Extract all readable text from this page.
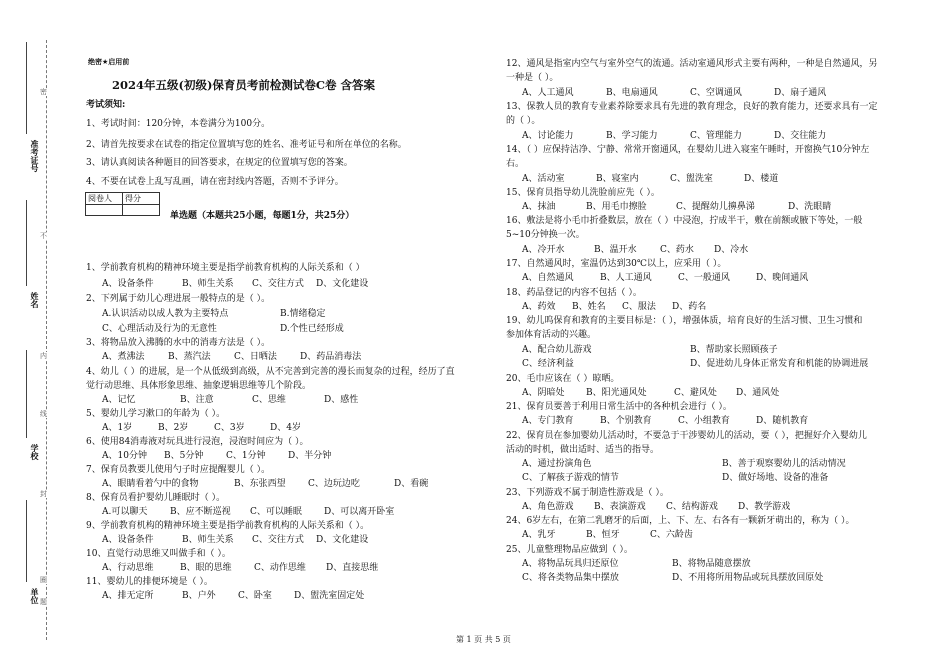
密
不
内
线
封
圈
题
准考证号
姓名
学校
单位
绝密★启用前
2024年五级(初级)保育员考前检测试卷C卷 含答案
考试须知:
1、考试时间：120分钟，本卷满分为100分。
2、请首先按要求在试卷的指定位置填写您的姓名、准考证号和所在单位的名称。
3、请认真阅读各种题目的回答要求，在规定的位置填写您的答案。
4、不要在试卷上乱写乱画，请在密封线内答题，否则不予评分。
阅卷人	得分

单选题（本题共25小题，每题1分，共25分）
1、学前教育机构的精神环境主要是指学前教育机构的人际关系和（ ）
A、设备条件	B、师生关系 C、交往方式 D、文化建设
2、下列属于幼儿心理进展一般特点的是（ ）。
A.认识活动以成人教为主要特点	B.情绪稳定
C、心理活动及行为的无意性	D.个性已经形成
3、将物品放入沸腾的水中的消毒方法是（ ）。
A、煮沸法	B、蒸汽法	C、日晒法	D、药品消毒法
4、幼儿（ ）的进展，是一个从低级到高级，从不完善到完善的漫长而复杂的过程，经历了直
觉行动思维、具体形象思维、抽象逻辑思维等几个阶段。
A、记忆	B、注意	C、思维	D、感性
5、婴幼儿学习漱口的年龄为（ ）。
A、1岁	B、2岁	C、3岁	D、4岁
6、使用84消毒液对玩具进行浸泡，浸泡时间应为（ ）。
A、10分钟 B、5分钟	C、1分钟 D、半分钟
7、保育员教要儿使用勺子时应提醒婴儿（ ）。
A、眼睛看着勺中的食物	B、东张西望 C、边玩边吃	D、看碗
8、保育员看护婴幼儿睡眠时（ ）。
A.可以聊天	B、应不断巡视 C、可以睡眠 D、可以离开卧室
9、学前教育机构的精神环境主要是指学前教育机构的人际关系和（ ）。
A、设备条件	B、师生关系 C、交往方式 D、文化建设
10、直觉行动思维又叫做手和（ ）。
A、行动思维	B、眼的思维 C、动作思维 D、直接思维
11、婴幼儿的排便环境是（ ）。
A、排无定所	B、户外 C、卧室 D、盥洗室固定处
12、通风是指室内空气与室外空气的流通。活动室通风形式主要有两种，一种是自然通风，另
一种是（ ）。
A、人工通风	B、电扇通风	C、空调通风	D、扇子通风
13、保教人员的教育专业素养除要求具有先进的教育理念，良好的教育能力，还要求具有一定
的（ ）。
A、讨论能力	B、学习能力	C、管理能力	D、交往能力
14、（ ）应保持洁净、宁静、常常开窗通风，在婴幼儿进入寝室午睡时，开窗换气10分钟左
右。
A、活动室	B、寝室内	C、盥洗室	D、楼道
15、保育员指导幼儿洗脸前应先（ ）。
A、抹油	B、用毛巾擦脸	C、提醒幼儿擤鼻涕	D、洗眼睛
16、敷法是将小毛巾折叠数层，放在（ ）中浸泡，拧成半干，敷在前额或腋下等处，一般
5~10分钟换一次。
A、冷开水	B、温开水	C、药水 D、冷水
17、自然通风时，室温仍达到30℃以上，应采用（ ）。
A、自然通风	B、人工通风	C、一般通风	D、晚间通风
18、药品登记的内容不包括（ ）。
A、药效 B、姓名 C、服法 D、药名
19、幼儿呜保育和教育的主要目标是：（ ），增强体质，培育良好的生活习惯、卫生习惯和
参加体育活动的兴趣。
A、配合幼儿游戏	B、帮助家长照顾孩子
C、经济利益	D、促进幼儿身体正常发育和机能的协调进展
20、毛巾应该在（ ）晾晒。
A、阴暗处 B、阳光通风处	C、避风处 D、通风处
21、保育员要善于利用日常生活中的各种机会进行（ ）。
A、专门教育	B、个别教育	C、小组教育	D、随机教育
22、保育员在参加婴幼儿活动时，不要急于干涉婴幼儿的活动，要（ ），把握好介入婴幼儿
活动的时机，做出适时、适当的指导。
A、通过扮演角色	B、善于观察婴幼儿的活动情况
C、了解孩子游戏的情节	D、做好场地、设备的准备
23、下列游戏不属于制造性游戏是（ ）。
A、角色游戏 B、表演游戏 C、结构游戏 D、教学游戏
24、6岁左右，在第二乳磨牙的后面，上、下、左、右各有一颗新牙萌出的，称为（ ）。
A、乳牙	B、恒牙	C、六龄齿
25、儿童整理物品应做到（ ）。
A、将物品玩具归还原位	B、将物品随意摆放
C、将各类物品集中摆放	D、不用将所用物品或玩具摆放回原处
第 1 页 共 5 页
